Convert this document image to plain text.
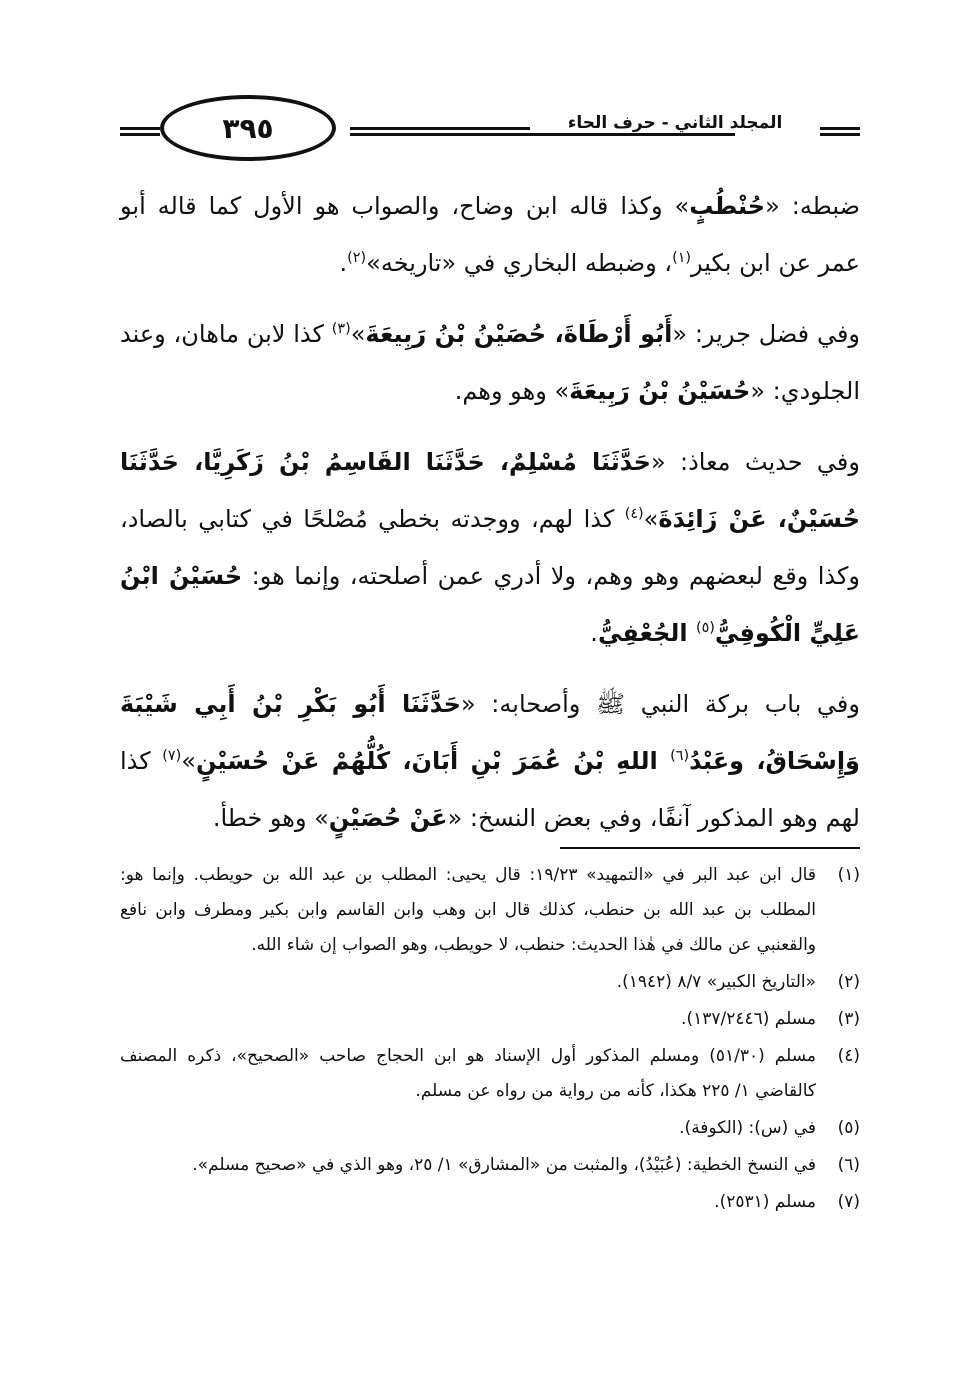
٣٩٥	المجلد الثاني - حرف الحاء

ضبطه: «حُنْطُبٍ» وكذا قاله ابن وضاح، والصواب هو الأول كما قاله أبو عمر عن ابن بكير$^{(١)}$، وضبطه البخاري في «تاريخه»$^{(٢)}$.

وفي فضل جرير: «أَبُو أَرْطَاةَ، حُصَيْنُ بْنُ رَبِيعَةَ»$^{(٣)}$ كذا لابن ماهان، وعند الجلودي: «حُسَيْنُ بْنُ رَبِيعَةَ» وهو وهم.

وفي حديث معاذ: «حَدَّثَنَا مُسْلِمٌ، حَدَّثَنَا القَاسِمُ بْنُ زَكَرِيَّا، حَدَّثَنَا حُسَيْنٌ، عَنْ زَائِدَةَ»$^{(٤)}$ كذا لهم، ووجدته بخطي مُصْلحًا في كتابي بالصاد، وكذا وقع لبعضهم وهو وهم، ولا أدري عمن أصلحته، وإنما هو: حُسَيْنُ ابْنُ عَلِيٍّ الْكُوفِيُّ$^{(٥)}$ الجُعْفِيُّ.

وفي باب بركة النبي ﷺ وأصحابه: «حَدَّثَنَا أَبُو بَكْرِ بْنُ أَبِي شَيْبَةَ وَإِسْحَاقُ، وعَبْدُ$^{(٦)}$ اللهِ بْنُ عُمَرَ بْنِ أَبَانَ، كُلُّهُمْ عَنْ حُسَيْنٍ»$^{(٧)}$ كذا لهم وهو المذكور آنفًا، وفي بعض النسخ: «عَنْ حُصَيْنٍ» وهو خطأ.

(١)
قال ابن عبد البر في «التمهيد» ١٩/٢٣: قال يحيى: المطلب بن عبد الله بن حويطب. وإنما هو: المطلب بن عبد الله بن حنطب، كذلك قال ابن وهب وابن القاسم وابن بكير ومطرف وابن نافع والقعنبي عن مالك في هٰذا الحديث: حنطب، لا حويطب، وهو الصواب إن شاء الله.
(٢)
«التاريخ الكبير» ٨/٧ (١٩٤٢).
(٣)
مسلم (١٣٧/٢٤٤٦).
(٤)
مسلم (٥١/٣٠) ومسلم المذكور أول الإسناد هو ابن الحجاج صاحب «الصحيح»، ذكره المصنف كالقاضي ١/ ٢٢٥ هكذا، كأنه من رواية من رواه عن مسلم.
(٥)
في (س): (الكوفة).
(٦)
في النسخ الخطية: (عُبَيْدُ)، والمثبت من «المشارق» ١/ ٢٥، وهو الذي في «صحيح مسلم».
(٧)
مسلم (٢٥٣١).
